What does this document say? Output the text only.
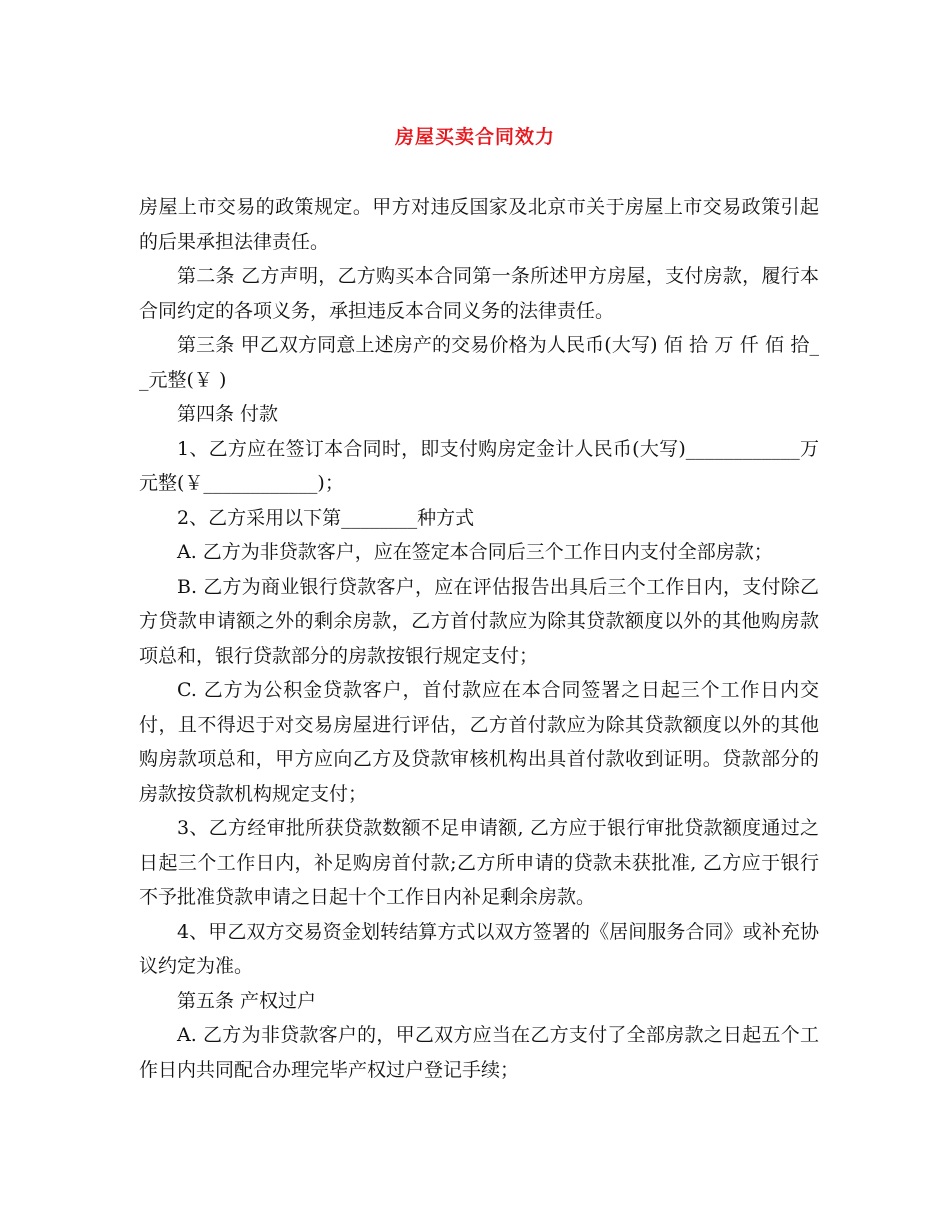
房屋买卖合同效力

房屋上市交易的政策规定。甲方对违反国家及北京市关于房屋上市交易政策引起的后果承担法律责任。

第二条 乙方声明，乙方购买本合同第一条所述甲方房屋，支付房款，履行本合同约定的各项义务，承担违反本合同义务的法律责任。

第三条 甲乙双方同意上述房产的交易价格为人民币(大写) 佰 拾 万 仟 佰 拾_ _元整(￥ )

第四条 付款

1、乙方应在签订本合同时，即支付购房定金计人民币(大写)____________万元整(￥____________)；

2、乙方采用以下第________种方式

A. 乙方为非贷款客户，应在签定本合同后三个工作日内支付全部房款；

B. 乙方为商业银行贷款客户，应在评估报告出具后三个工作日内，支付除乙方贷款申请额之外的剩余房款，乙方首付款应为除其贷款额度以外的其他购房款项总和，银行贷款部分的房款按银行规定支付；

C. 乙方为公积金贷款客户，首付款应在本合同签署之日起三个工作日内交付，且不得迟于对交易房屋进行评估，乙方首付款应为除其贷款额度以外的其他购房款项总和，甲方应向乙方及贷款审核机构出具首付款收到证明。贷款部分的房款按贷款机构规定支付；

3、乙方经审批所获贷款数额不足申请额, 乙方应于银行审批贷款额度通过之日起三个工作日内，补足购房首付款;乙方所申请的贷款未获批准, 乙方应于银行不予批准贷款申请之日起十个工作日内补足剩余房款。

4、甲乙双方交易资金划转结算方式以双方签署的《居间服务合同》或补充协议约定为准。

第五条 产权过户

A. 乙方为非贷款客户的，甲乙双方应当在乙方支付了全部房款之日起五个工作日内共同配合办理完毕产权过户登记手续；
